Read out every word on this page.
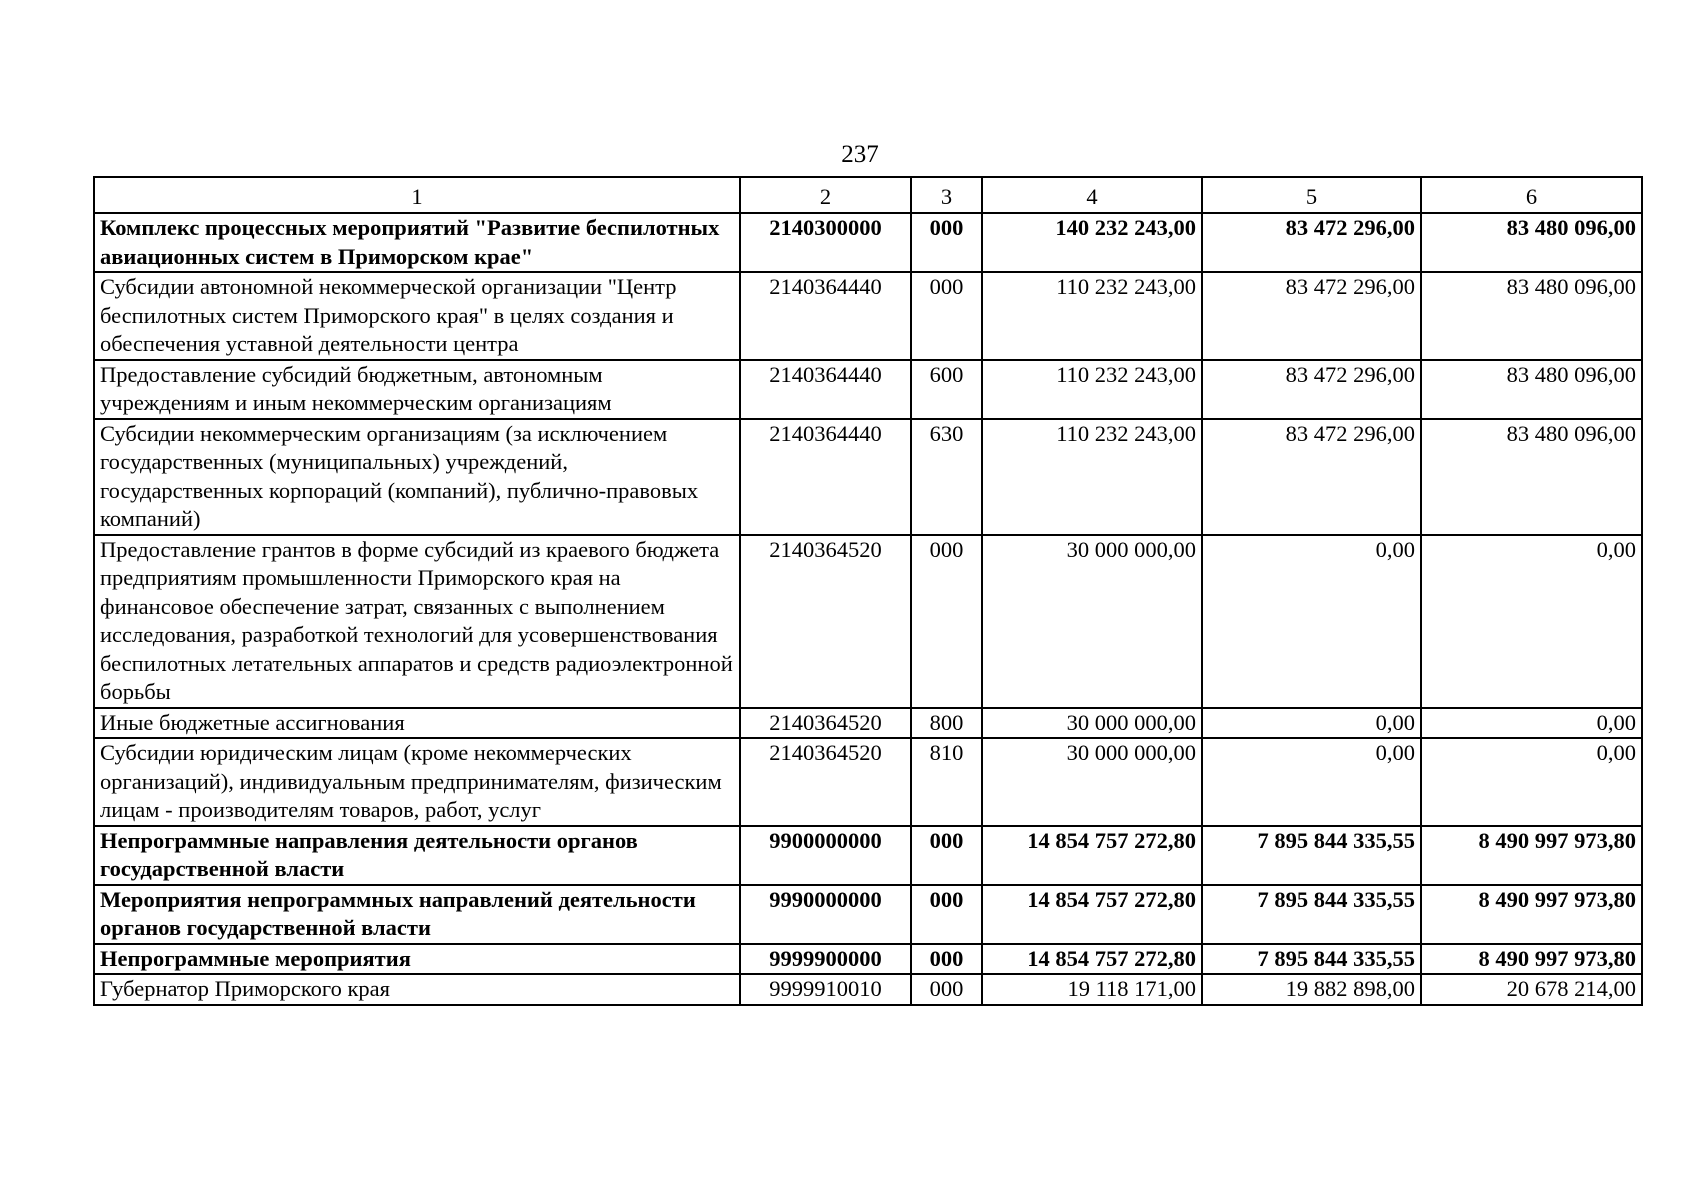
237
1	2	3	4	5	6
Комплекс процессных мероприятий "Развитие беспилотных авиационных систем в Приморском крае"	2140300000	000	140 232 243,00	83 472 296,00	83 480 096,00
Субсидии автономной некоммерческой организации "Центр беспилотных систем Приморского края" в целях создания и обеспечения уставной деятельности центра	2140364440	000	110 232 243,00	83 472 296,00	83 480 096,00
Предоставление субсидий бюджетным, автономным учреждениям и иным некоммерческим организациям	2140364440	600	110 232 243,00	83 472 296,00	83 480 096,00
Субсидии некоммерческим организациям (за исключением государственных (муниципальных) учреждений, государственных корпораций (компаний), публично-правовых компаний)	2140364440	630	110 232 243,00	83 472 296,00	83 480 096,00
Предоставление грантов в форме субсидий из краевого бюджета предприятиям промышленности Приморского края на финансовое обеспечение затрат, связанных с выполнением исследования, разработкой технологий для усовершенствования беспилотных летательных аппаратов и средств радиоэлектронной борьбы	2140364520	000	30 000 000,00	0,00	0,00
Иные бюджетные ассигнования	2140364520	800	30 000 000,00	0,00	0,00
Субсидии юридическим лицам (кроме некоммерческих организаций), индивидуальным предпринимателям, физическим лицам - производителям товаров, работ, услуг	2140364520	810	30 000 000,00	0,00	0,00
Непрограммные направления деятельности органов государственной власти	9900000000	000	14 854 757 272,80	7 895 844 335,55	8 490 997 973,80
Мероприятия непрограммных направлений деятельности органов государственной власти	9990000000	000	14 854 757 272,80	7 895 844 335,55	8 490 997 973,80
Непрограммные мероприятия	9999900000	000	14 854 757 272,80	7 895 844 335,55	8 490 997 973,80
Губернатор Приморского края	9999910010	000	19 118 171,00	19 882 898,00	20 678 214,00
